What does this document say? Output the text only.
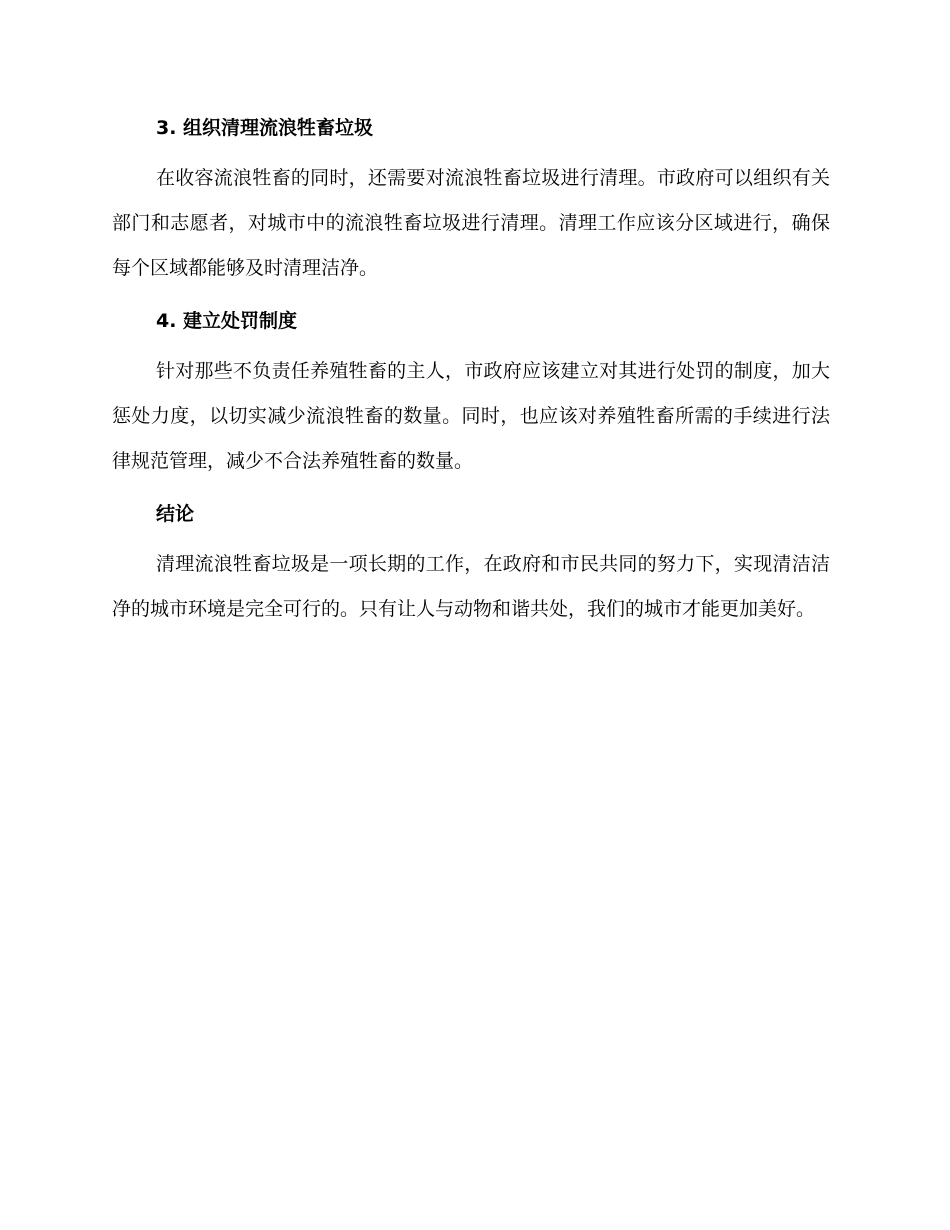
3. 组织清理流浪牲畜垃圾

在收容流浪牲畜的同时，还需要对流浪牲畜垃圾进行清理。市政府可以组织有关部门和志愿者，对城市中的流浪牲畜垃圾进行清理。清理工作应该分区域进行，确保每个区域都能够及时清理洁净。

4. 建立处罚制度

针对那些不负责任养殖牲畜的主人，市政府应该建立对其进行处罚的制度，加大惩处力度，以切实减少流浪牲畜的数量。同时，也应该对养殖牲畜所需的手续进行法律规范管理，减少不合法养殖牲畜的数量。

结论

清理流浪牲畜垃圾是一项长期的工作，在政府和市民共同的努力下，实现清洁洁净的城市环境是完全可行的。只有让人与动物和谐共处，我们的城市才能更加美好。
